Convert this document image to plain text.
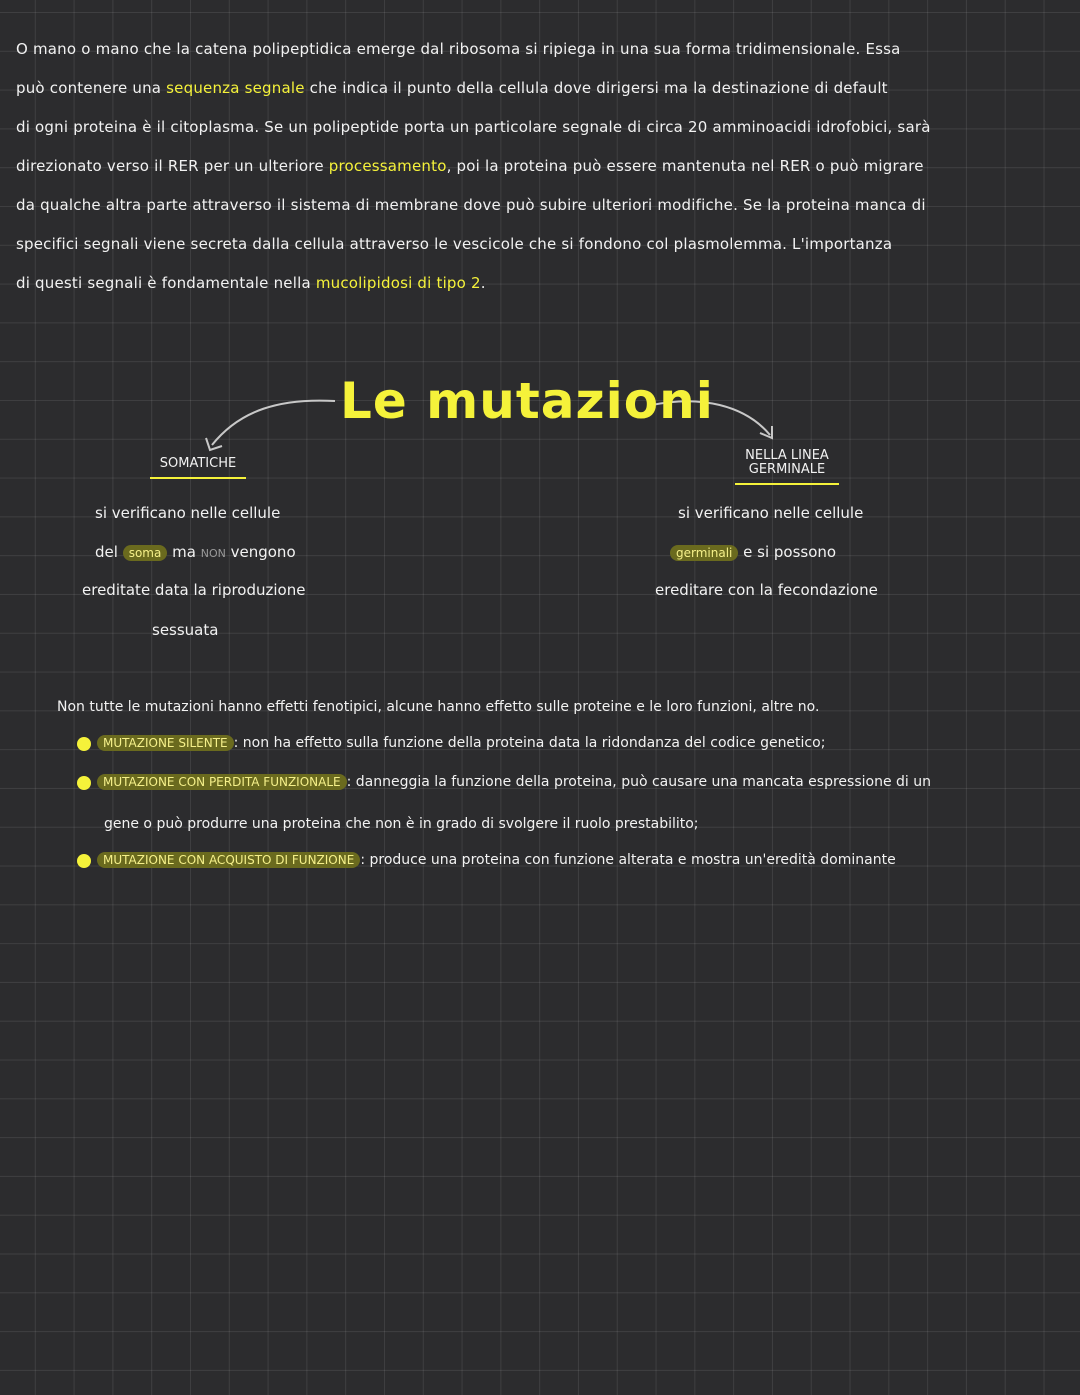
O mano o mano che la catena polipeptidica emerge dal ribosoma si ripiega in una sua forma tridimensionale. Essa
può contenere una sequenza segnale che indica il punto della cellula dove dirigersi ma la destinazione di default
di ogni proteina è il citoplasma. Se un polipeptide porta un particolare segnale di circa 20 amminoacidi idrofobici, sarà
direzionato verso il RER per un ulteriore processamento, poi la proteina può essere mantenuta nel RER o può migrare
da qualche altra parte attraverso il sistema di membrane dove può subire ulteriori modifiche. Se la proteina manca di
specifici segnali viene secreta dalla cellula attraverso le vescicole che si fondono col plasmolemma. L'importanza
di questi segnali è fondamentale nella mucolipidosi di tipo 2.
Le mutazioni
SOMATICHE
NELLA LINEA
GERMINALE
si verificano nelle cellule
del soma ma NON vengono
ereditate data la riproduzione
sessuata
si verificano nelle cellule
germinali e si possono
ereditare con la fecondazione
Non tutte le mutazioni hanno effetti fenotipici, alcune hanno effetto sulle proteine e le loro funzioni, altre no.
MUTAZIONE SILENTE : non ha effetto sulla funzione della proteina data la ridondanza del codice genetico;
MUTAZIONE CON PERDITA FUNZIONALE : danneggia la funzione della proteina, può causare una mancata espressione di un
gene o può produrre una proteina che non è in grado di svolgere il ruolo prestabilito;
MUTAZIONE CON ACQUISTO DI FUNZIONE : produce una proteina con funzione alterata e mostra un'eredità dominante
